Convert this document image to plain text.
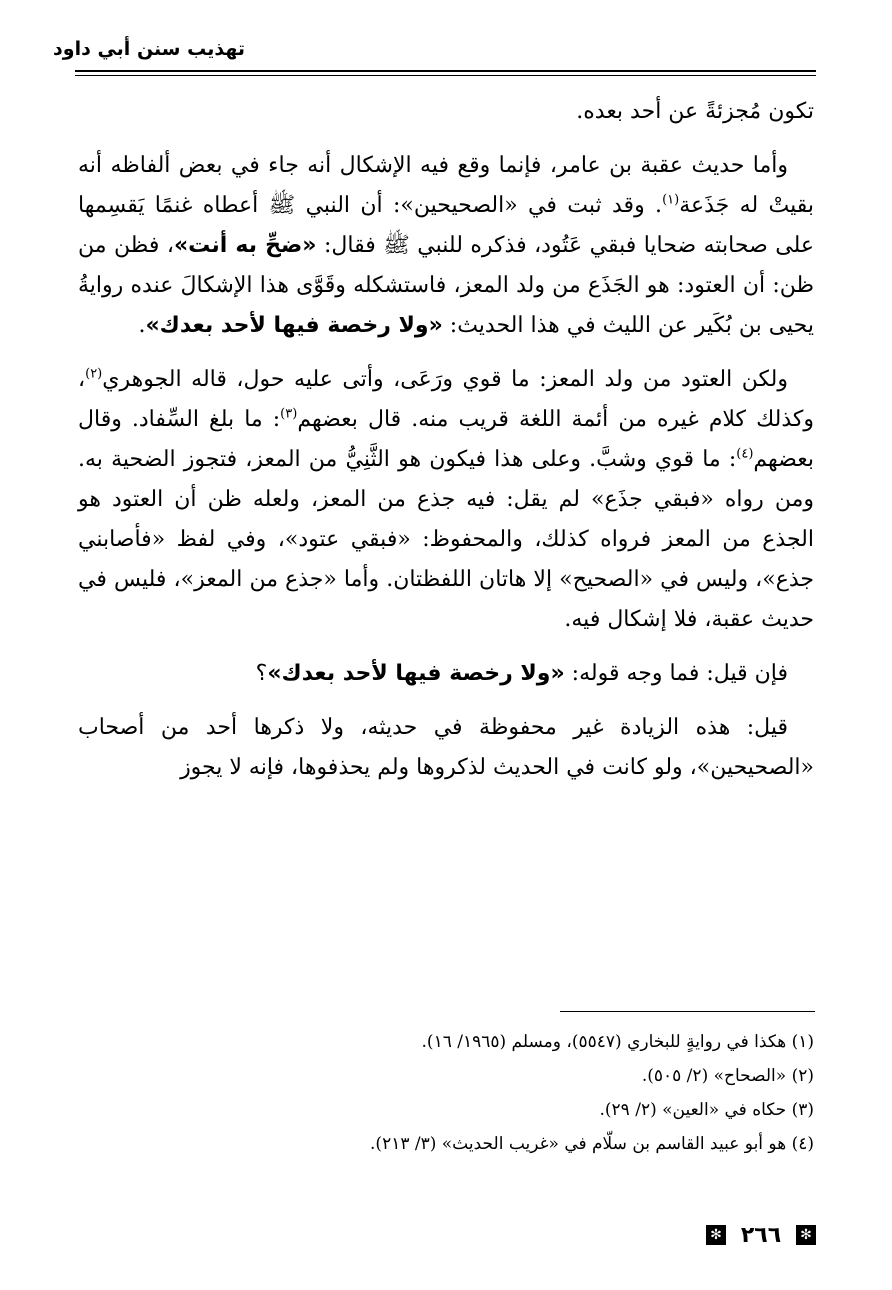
تهذيب سنن أبي داود

تكون مُجزئةً عن أحد بعده.

وأما حديث عقبة بن عامر، فإنما وقع فيه الإشكال أنه جاء في بعض ألفاظه أنه بقيتْ له جَذَعة$^{(١)}$. وقد ثبت في «الصحيحين»: أن النبي ﷺ أعطاه غنمًا يَقسِمها على صحابته ضحايا فبقي عَتُود، فذكره للنبي ﷺ فقال: «ضحِّ به أنت»، فظن من ظن: أن العتود: هو الجَذَع من ولد المعز، فاستشكله وقَوَّى هذا الإشكالَ عنده روايةُ يحيى بن بُكَير عن الليث في هذا الحديث: «ولا رخصة فيها لأحد بعدك».

ولكن العتود من ولد المعز: ما قوي ورَعَى، وأتى عليه حول، قاله الجوهري$^{(٢)}$، وكذلك كلام غيره من أئمة اللغة قريب منه. قال بعضهم$^{(٣)}$: ما بلغ السِّفاد. وقال بعضهم$^{(٤)}$: ما قوي وشبَّ. وعلى هذا فيكون هو الثَّنِيُّ من المعز، فتجوز الضحية به. ومن رواه «فبقي جذَع» لم يقل: فيه جذع من المعز، ولعله ظن أن العتود هو الجذع من المعز فرواه كذلك، والمحفوظ: «فبقي عتود»، وفي لفظ «فأصابني جذع»، وليس في «الصحيح» إلا هاتان اللفظتان. وأما «جذع من المعز»، فليس في حديث عقبة، فلا إشكال فيه.

فإن قيل: فما وجه قوله: «ولا رخصة فيها لأحد بعدك»؟

قيل: هذه الزيادة غير محفوظة في حديثه، ولا ذكرها أحد من أصحاب «الصحيحين»، ولو كانت في الحديث لذكروها ولم يحذفوها، فإنه لا يجوز

(١) هكذا في روايةٍ للبخاري (٥٥٤٧)، ومسلم (١٩٦٥/ ١٦).

(٢) «الصحاح» (٢/ ٥٠٥).

(٣) حكاه في «العين» (٢/ ٢٩).

(٤) هو أبو عبيد القاسم بن سلّام في «غريب الحديث» (٣/ ٢١٣).

✻ ٢٦٦ ✻
